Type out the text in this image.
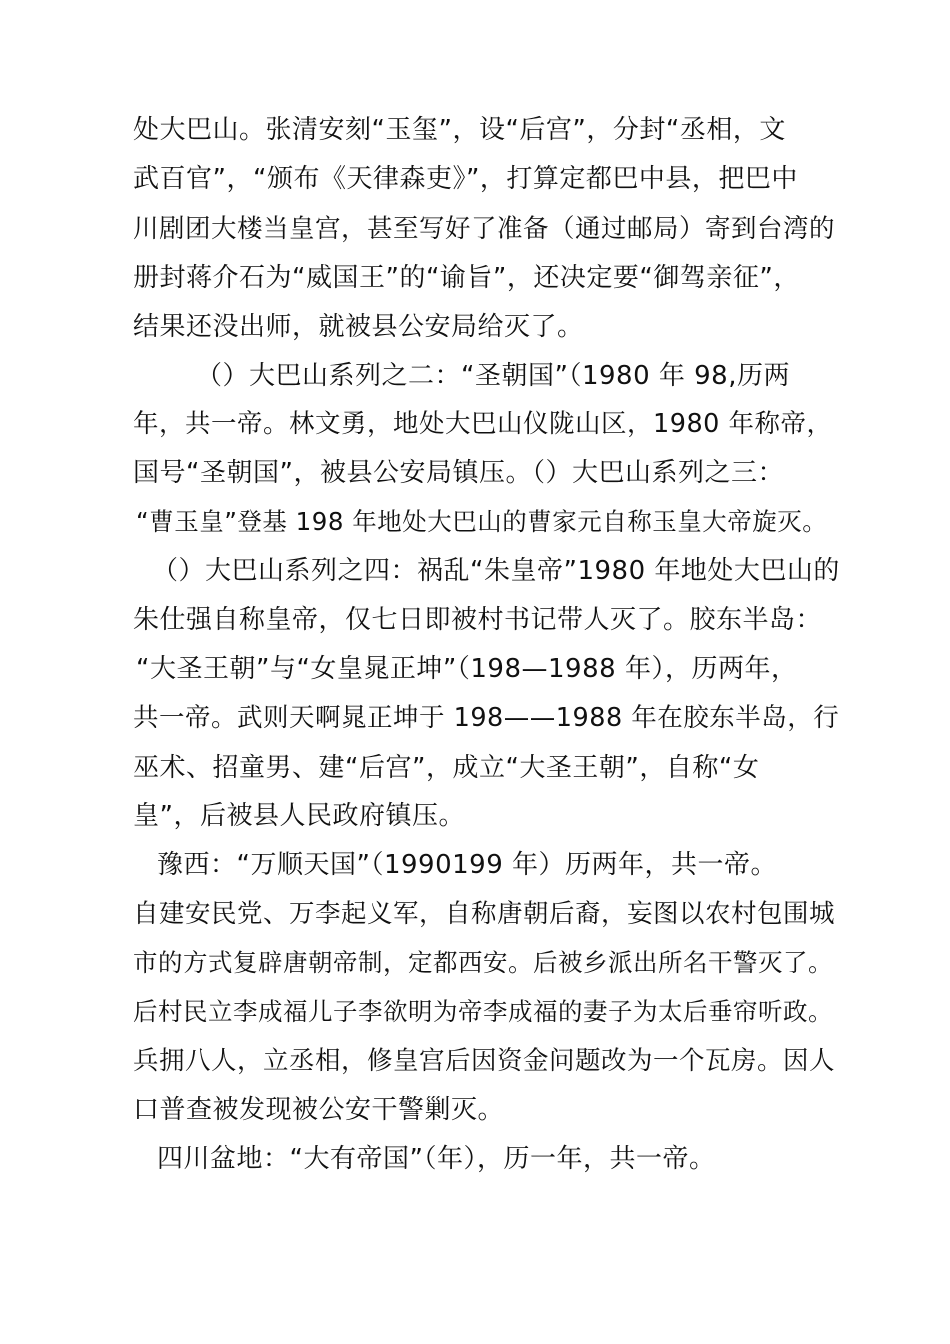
处大巴山。张清安刻“玉玺”，设“后宫”，分封“丞相，文
武百官”，“颁布《天律森吏》”，打算定都巴中县，把巴中
川剧团大楼当皇宫，甚至写好了准备（通过邮局）寄到台湾的
册封蒋介石为“威国王”的“谕旨”，还决定要“御驾亲征”，
结果还没出师，就被县公安局给灭了。
（）大巴山系列之二：“圣朝国”（1980 年 98,历两
年，共一帝。林文勇，地处大巴山仪陇山区，1980 年称帝，
国号“圣朝国”，被县公安局镇压。（）大巴山系列之三：
“曹玉皇”登基 198 年地处大巴山的曹家元自称玉皇大帝旋灭。
（）大巴山系列之四：祸乱“朱皇帝”1980 年地处大巴山的
朱仕强自称皇帝，仅七日即被村书记带人灭了。胶东半岛：
“大圣王朝”与“女皇晁正坤”（198—1988 年），历两年，
共一帝。武则天啊晁正坤于 198——1988 年在胶东半岛，行
巫术、招童男、建“后宫”，成立“大圣王朝”，自称“女
皇”，后被县人民政府镇压。
豫西：“万顺天国”（1990199 年）历两年，共一帝。
自建安民党、万李起义军，自称唐朝后裔，妄图以农村包围城
市的方式复辟唐朝帝制，定都西安。后被乡派出所名干警灭了。
后村民立李成福儿子李欲明为帝李成福的妻子为太后垂帘听政。
兵拥八人，立丞相，修皇宫后因资金问题改为一个瓦房。因人
口普查被发现被公安干警剿灭。
四川盆地：“大有帝国”（年），历一年，共一帝。
